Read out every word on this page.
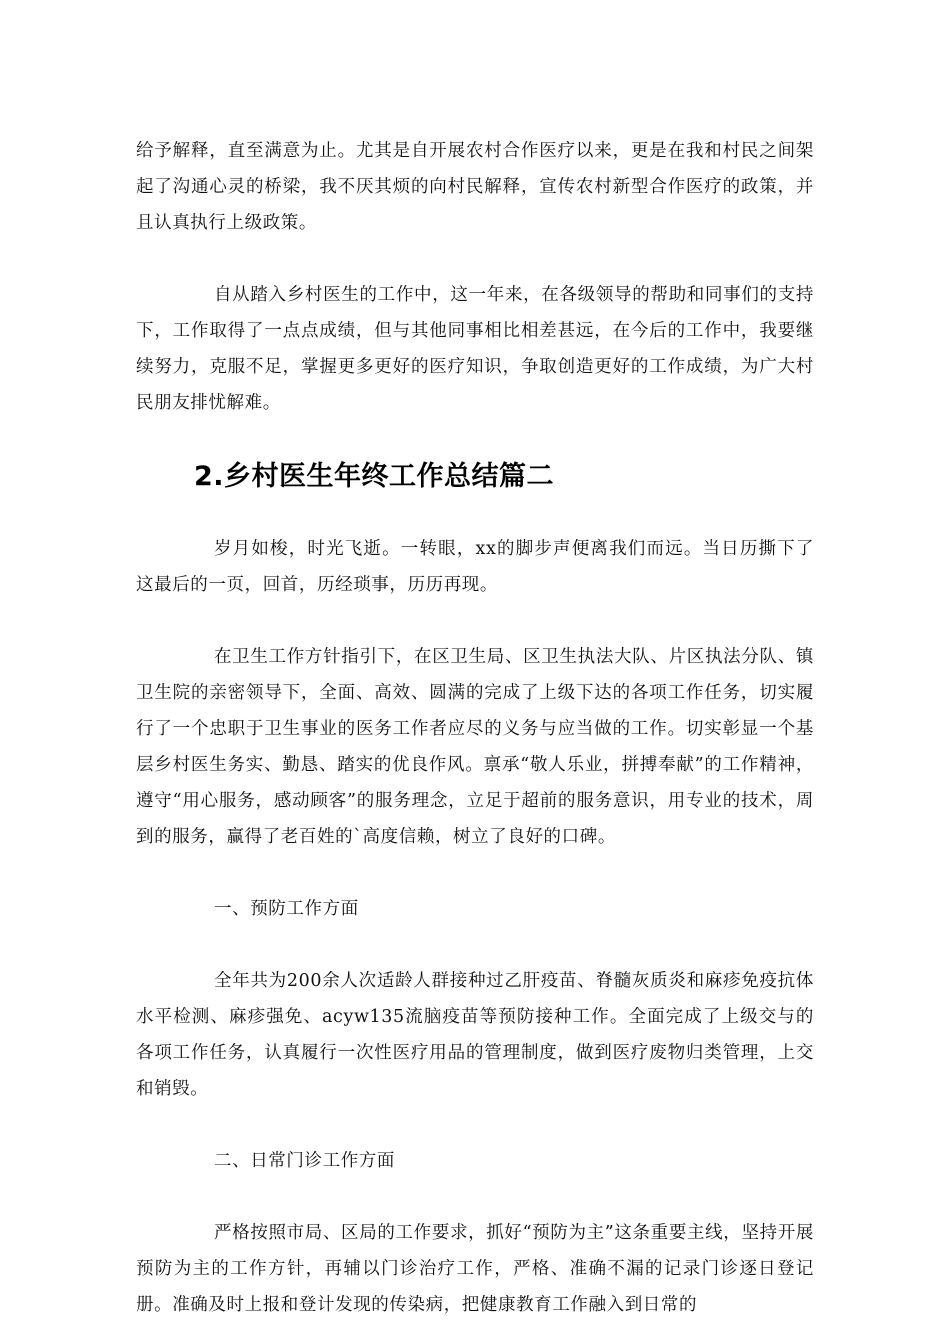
给予解释，直至满意为止。尤其是自开展农村合作医疗以来，更是在我和村民之间架起了沟通心灵的桥梁，我不厌其烦的向村民解释，宣传农村新型合作医疗的政策，并且认真执行上级政策。

自从踏入乡村医生的工作中，这一年来，在各级领导的帮助和同事们的支持下，工作取得了一点点成绩，但与其他同事相比相差甚远，在今后的工作中，我要继续努力，克服不足，掌握更多更好的医疗知识，争取创造更好的工作成绩，为广大村民朋友排忧解难。

2.乡村医生年终工作总结篇二

岁月如梭，时光飞逝。一转眼，xx的脚步声便离我们而远。当日历撕下了这最后的一页，回首，历经琐事，历历再现。

在卫生工作方针指引下，在区卫生局、区卫生执法大队、片区执法分队、镇卫生院的亲密领导下，全面、高效、圆满的完成了上级下达的各项工作任务，切实履行了一个忠职于卫生事业的医务工作者应尽的义务与应当做的工作。切实彰显一个基层乡村医生务实、勤恳、踏实的优良作风。禀承“敬人乐业，拼搏奉献”的工作精神，遵守“用心服务，感动顾客”的服务理念，立足于超前的服务意识，用专业的技术，周到的服务，赢得了老百姓的`高度信赖，树立了良好的口碑。

一、预防工作方面

全年共为200余人次适龄人群接种过乙肝疫苗、脊髓灰质炎和麻疹免疫抗体水平检测、麻疹强免、acyw135流脑疫苗等预防接种工作。全面完成了上级交与的各项工作任务，认真履行一次性医疗用品的管理制度，做到医疗废物归类管理，上交和销毁。

二、日常门诊工作方面

严格按照市局、区局的工作要求，抓好“预防为主”这条重要主线，坚持开展预防为主的工作方针，再辅以门诊治疗工作，严格、准确不漏的记录门诊逐日登记册。准确及时上报和登计发现的传染病，把健康教育工作融入到日常的
